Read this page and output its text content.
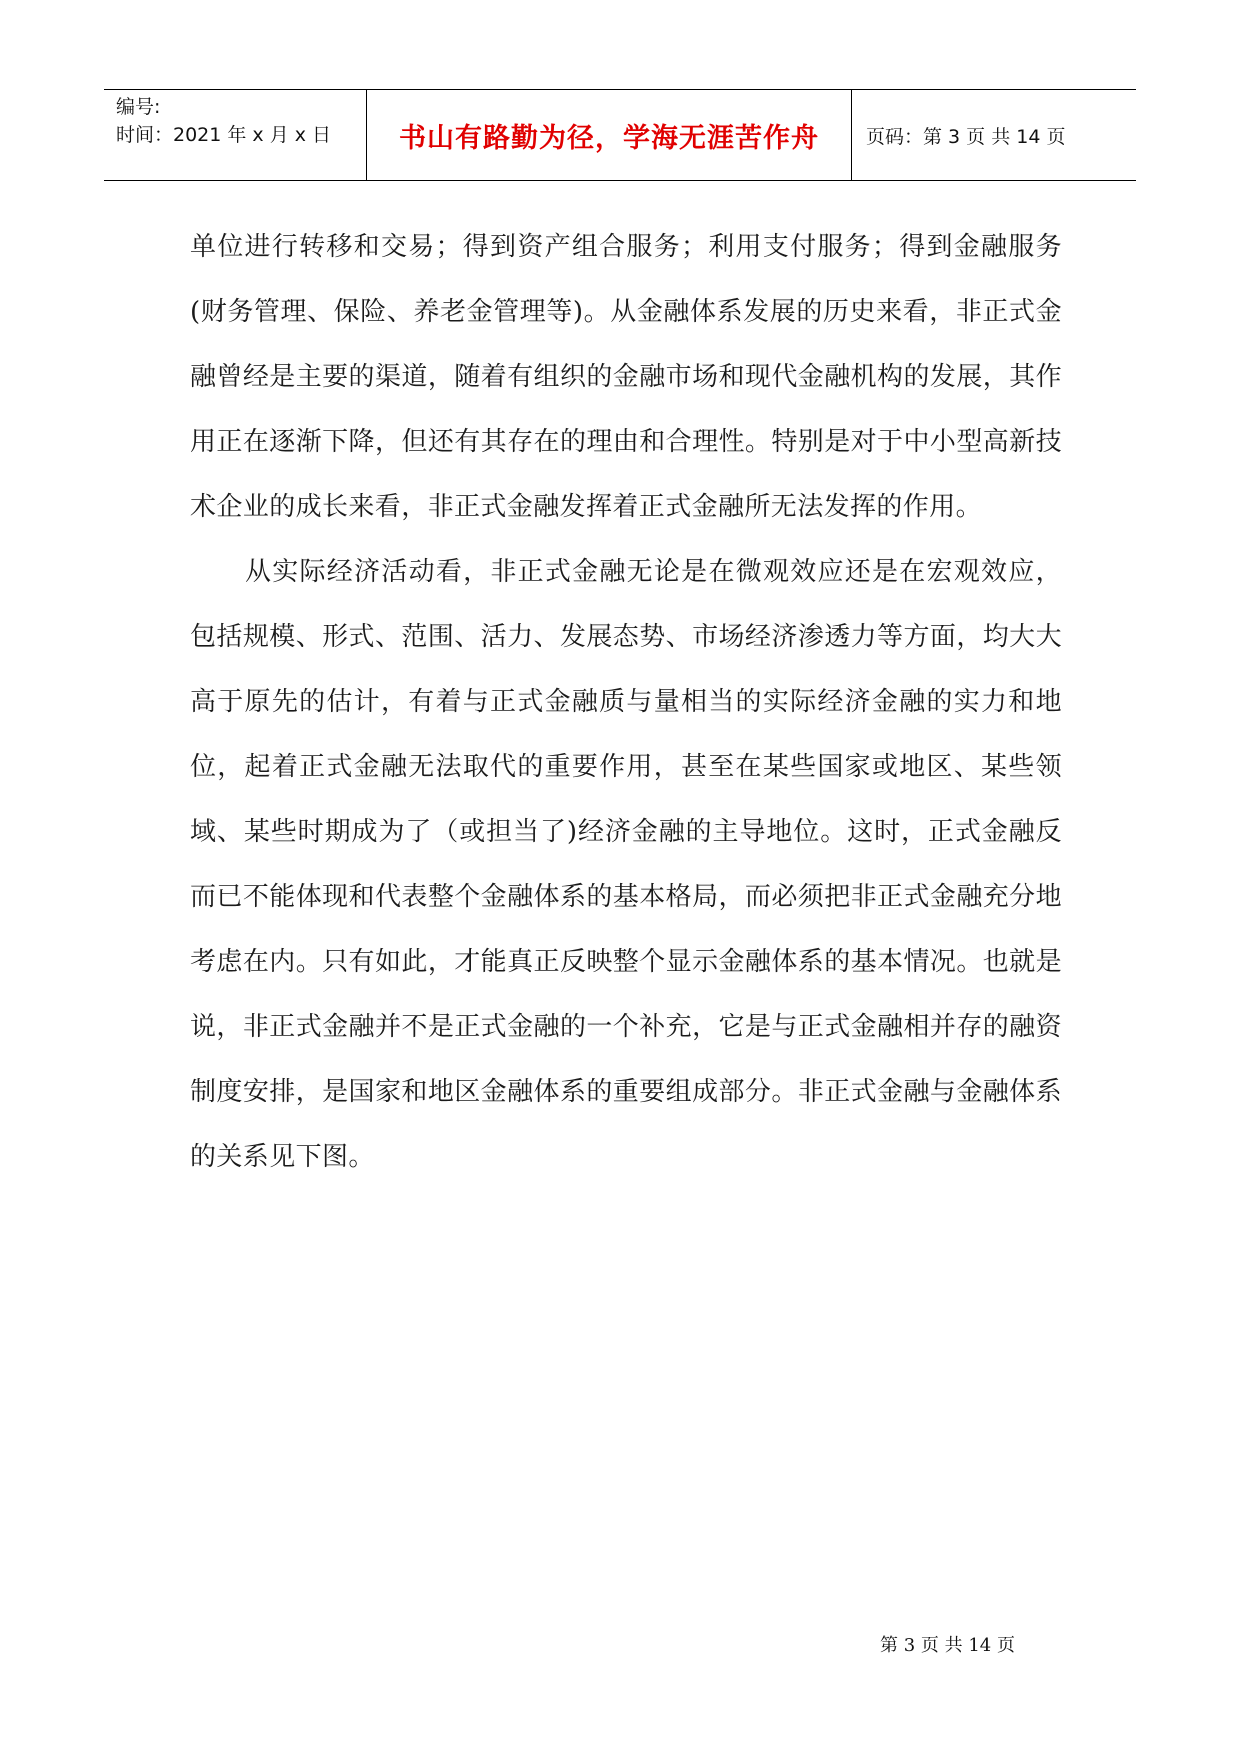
编号:
时间：2021 年 x 月 x 日	书山有路勤为径，学海无涯苦作舟 页码：第 3 页 共 14 页

单位进行转移和交易；得到资产组合服务；利用支付服务；得到金融服务(财务管理、保险、养老金管理等)。从金融体系发展的历史来看，非正式金融曾经是主要的渠道，随着有组织的金融市场和现代金融机构的发展，其作用正在逐渐下降，但还有其存在的理由和合理性。特别是对于中小型高新技术企业的成长来看，非正式金融发挥着正式金融所无法发挥的作用。

从实际经济活动看，非正式金融无论是在微观效应还是在宏观效应，包括规模、形式、范围、活力、发展态势、市场经济渗透力等方面，均大大高于原先的估计，有着与正式金融质与量相当的实际经济金融的实力和地位，起着正式金融无法取代的重要作用，甚至在某些国家或地区、某些领域、某些时期成为了（或担当了)经济金融的主导地位。这时，正式金融反而已不能体现和代表整个金融体系的基本格局，而必须把非正式金融充分地考虑在内。只有如此，才能真正反映整个显示金融体系的基本情况。也就是说，非正式金融并不是正式金融的一个补充，它是与正式金融相并存的融资制度安排，是国家和地区金融体系的重要组成部分。非正式金融与金融体系的关系见下图。

第 3 页 共 14 页
